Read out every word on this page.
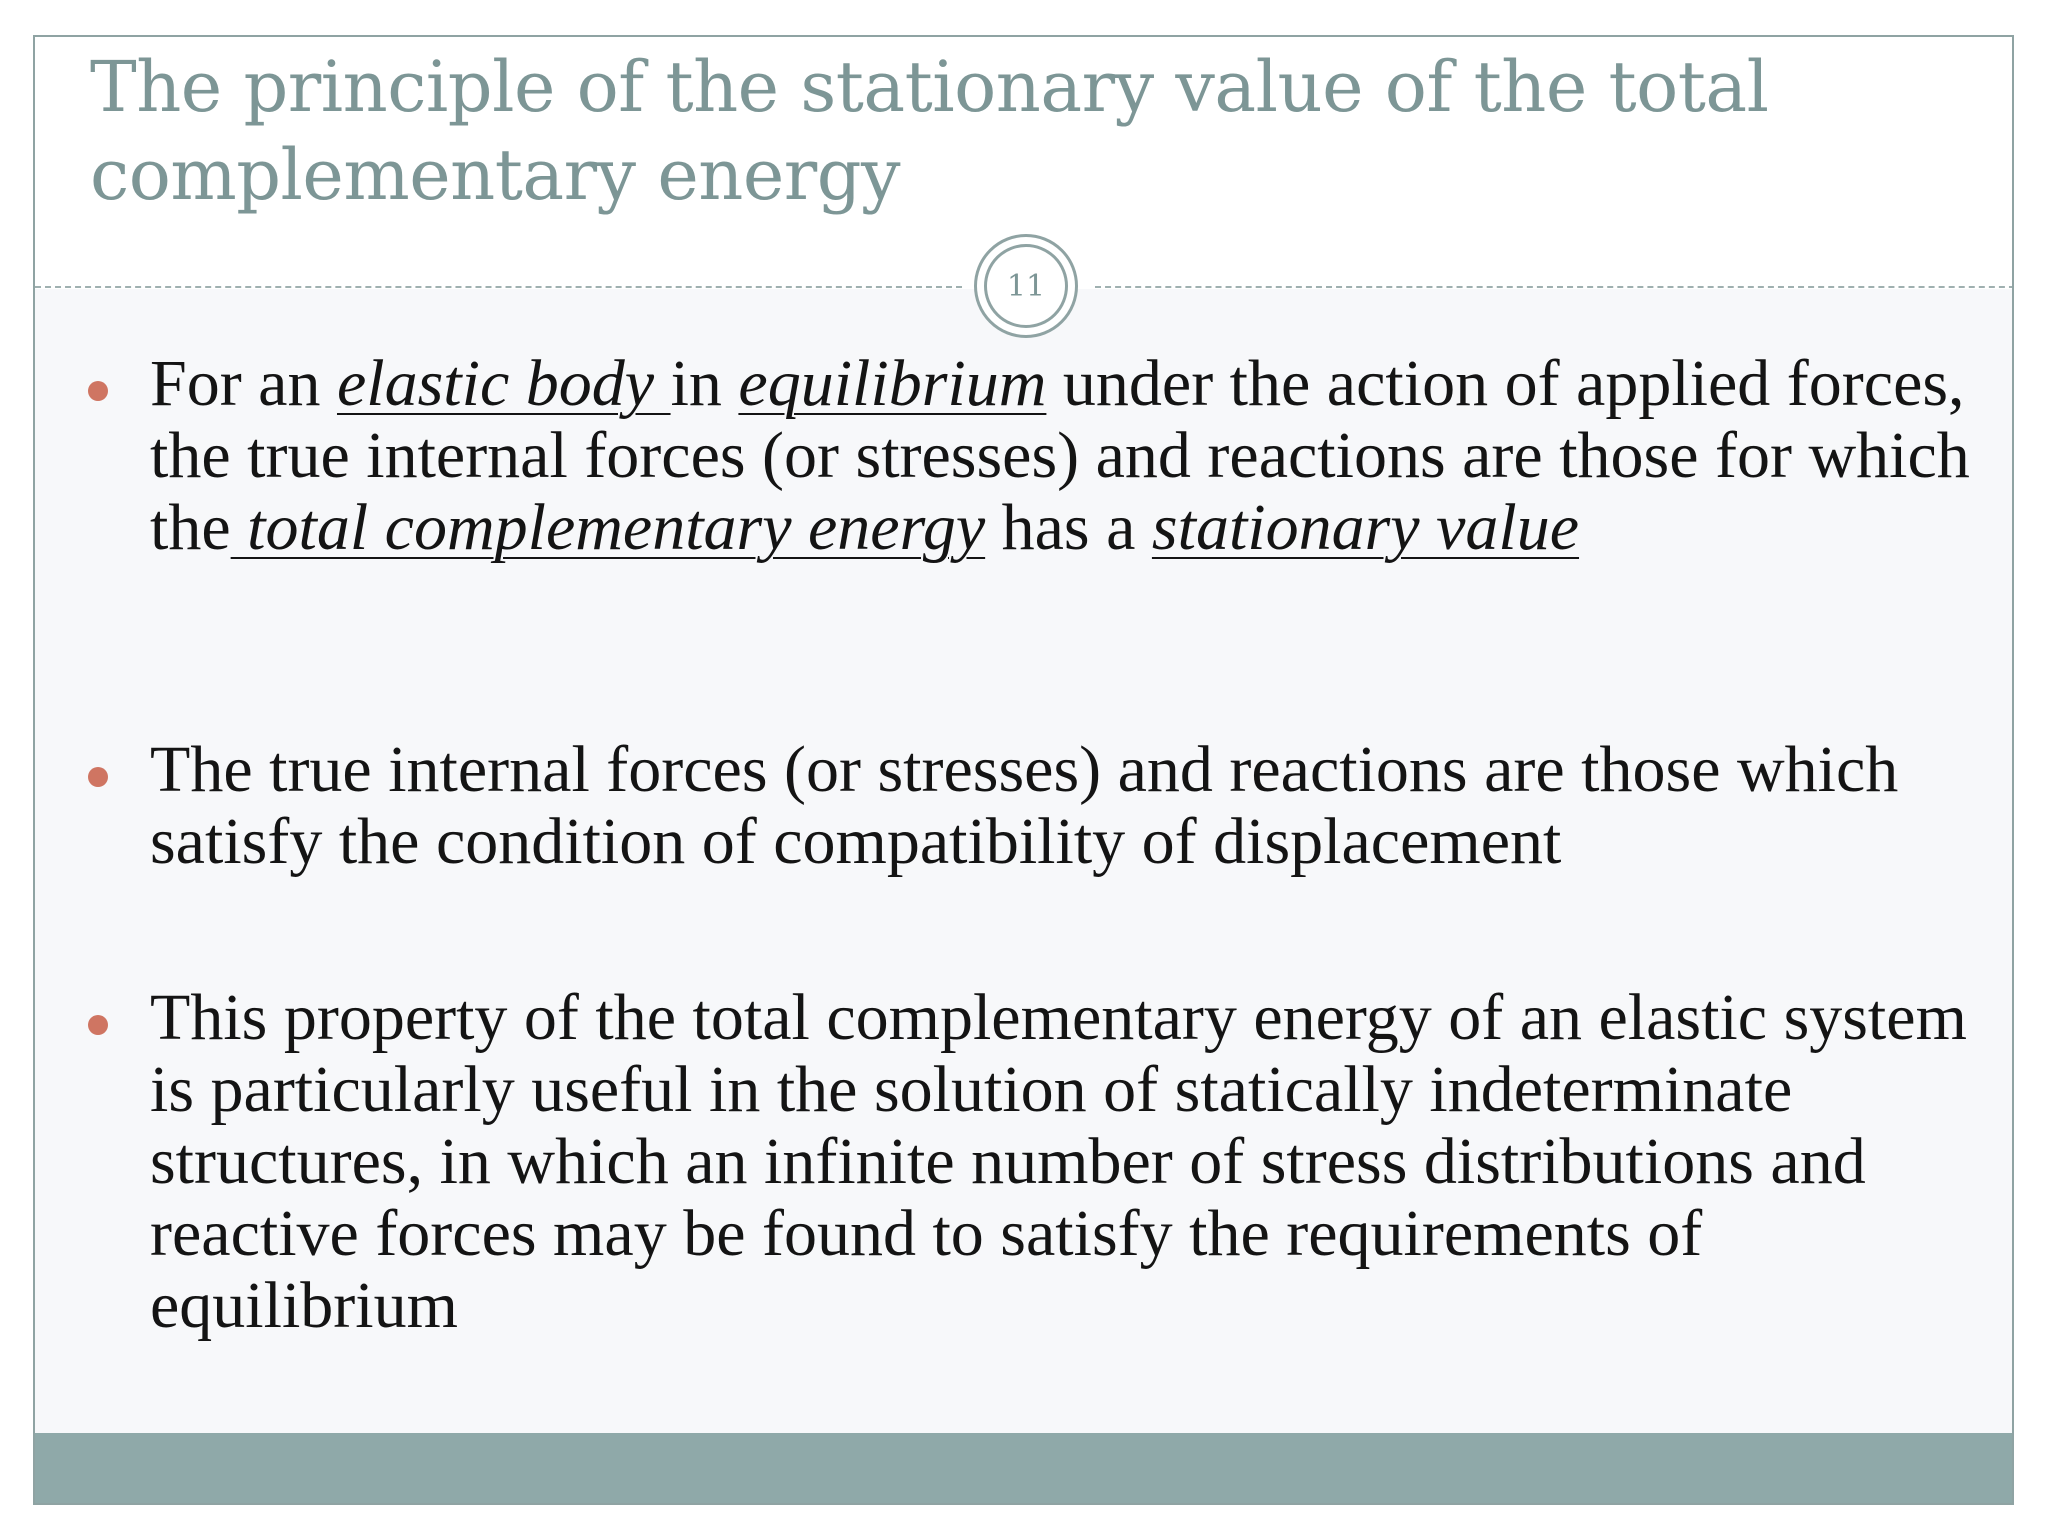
The principle of the stationary value of the total complementary energy
11
For an elastic body in equilibrium under the action of applied forces, the true internal forces (or stresses) and reactions are those for which the total complementary energy has a stationary value
The true internal forces (or stresses) and reactions are those which satisfy the condition of compatibility of displacement
This property of the total complementary energy of an elastic system is particularly useful in the solution of statically indeterminate structures, in which an infinite number of stress distributions and reactive forces may be found to satisfy the requirements of equilibrium
